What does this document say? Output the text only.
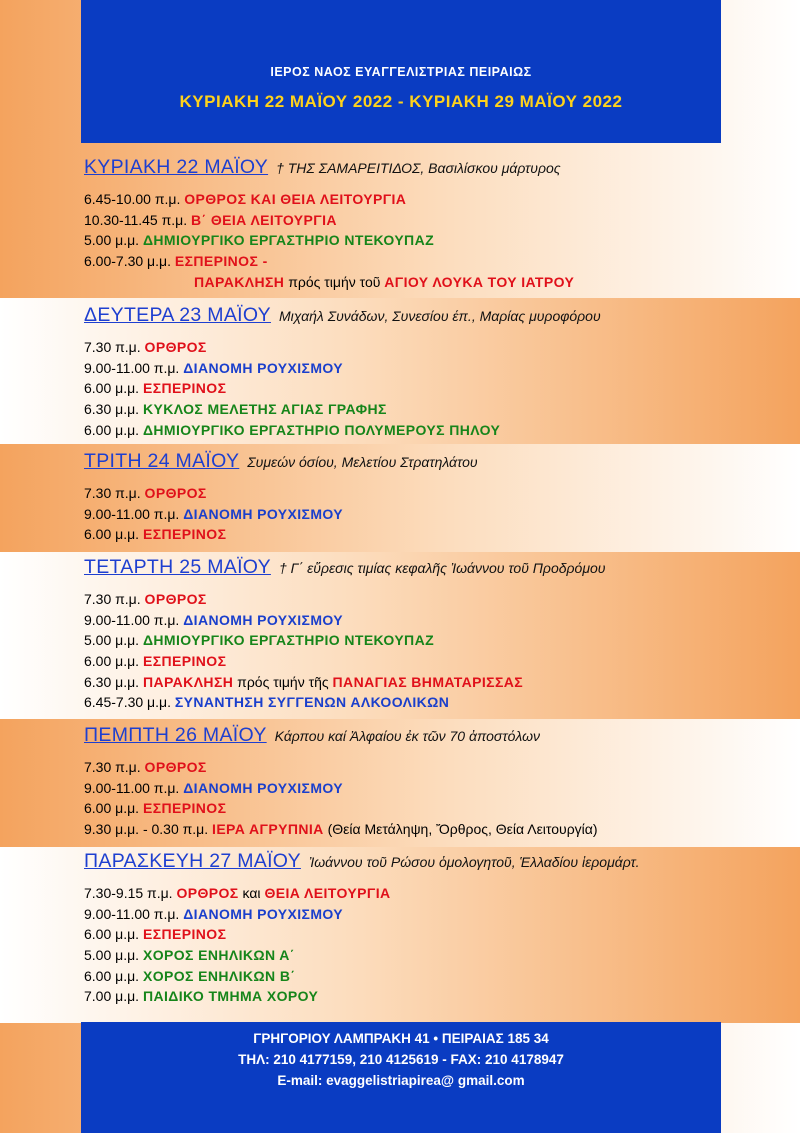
ΙΕΡΟΣ ΝΑΟΣ ΕΥΑΓΓΕΛΙΣΤΡΙΑΣ ΠΕΙΡΑΙΩΣ
ΚΥΡΙΑΚΗ 22 ΜΑΪΟΥ 2022 - ΚΥΡΙΑΚΗ 29 ΜΑΪΟΥ 2022
ΚΥΡΙΑΚΗ 22 ΜΑΪΟΥ † ΤΗΣ ΣΑΜΑΡΕΙΤΙΔΟΣ, Βασιλίσκου μάρτυρος
6.45-10.00 π.μ. ΟΡΘΡΟΣ ΚΑΙ ΘΕΙΑ ΛΕΙΤΟΥΡΓΙΑ
10.30-11.45 π.μ. Β΄ ΘΕΙΑ ΛΕΙΤΟΥΡΓΙΑ
5.00 μ.μ. ΔΗΜΙΟΥΡΓΙΚΟ ΕΡΓΑΣΤΗΡΙΟ ΝΤΕΚΟΥΠΑΖ
6.00-7.30 μ.μ. ΕΣΠΕΡΙΝΟΣ -
ΠΑΡΑΚΛΗΣΗ πρός τιμήν τοῦ ΑΓΙΟΥ ΛΟΥΚΑ ΤΟΥ ΙΑΤΡΟΥ
ΔΕΥΤΕΡΑ 23 ΜΑΪΟΥ Μιχαήλ Συνάδων, Συνεσίου έπ., Μαρίας μυροφόρου
7.30 π.μ. ΟΡΘΡΟΣ
9.00-11.00 π.μ. ΔΙΑΝΟΜΗ ΡΟΥΧΙΣΜΟΥ
6.00 μ.μ. ΕΣΠΕΡΙΝΟΣ
6.30 μ.μ. ΚΥΚΛΟΣ ΜΕΛΕΤΗΣ ΑΓΙΑΣ ΓΡΑΦΗΣ
6.00 μ.μ. ΔΗΜΙΟΥΡΓΙΚΟ ΕΡΓΑΣΤΗΡΙΟ ΠΟΛΥΜΕΡΟΥΣ ΠΗΛΟΥ
ΤΡΙΤΗ 24 ΜΑΪΟΥ Συμεών όσίου, Μελετίου Στρατηλάτου
7.30 π.μ. ΟΡΘΡΟΣ
9.00-11.00 π.μ. ΔΙΑΝΟΜΗ ΡΟΥΧΙΣΜΟΥ
6.00 μ.μ. ΕΣΠΕΡΙΝΟΣ
ΤΕΤΑΡΤΗ 25 ΜΑΪΟΥ † Γ΄ εὕρεσις τιμίας κεφαλῆς Ἰωάννου τοῦ Προδρόμου
7.30 π.μ. ΟΡΘΡΟΣ
9.00-11.00 π.μ. ΔΙΑΝΟΜΗ ΡΟΥΧΙΣΜΟΥ
5.00 μ.μ. ΔΗΜΙΟΥΡΓΙΚΟ ΕΡΓΑΣΤΗΡΙΟ ΝΤΕΚΟΥΠΑΖ
6.00 μ.μ. ΕΣΠΕΡΙΝΟΣ
6.30 μ.μ. ΠΑΡΑΚΛΗΣΗ πρός τιμήν τῆς ΠΑΝΑΓΙΑΣ ΒΗΜΑΤΑΡΙΣΣΑΣ
6.45-7.30 μ.μ. ΣΥΝΑΝΤΗΣΗ ΣΥΓΓΕΝΩΝ ΑΛΚΟΟΛΙΚΩΝ
ΠΕΜΠΤΗ 26 ΜΑΪΟΥ Κάρπου καί Ἀλφαίου ἐκ τῶν 70 ἀποστόλων
7.30 π.μ. ΟΡΘΡΟΣ
9.00-11.00 π.μ. ΔΙΑΝΟΜΗ ΡΟΥΧΙΣΜΟΥ
6.00 μ.μ. ΕΣΠΕΡΙΝΟΣ
9.30 μ.μ. - 0.30 π.μ. ΙΕΡΑ ΑΓΡΥΠΝΙΑ (Θεία Μετάληψη, Ὄρθρος, Θεία Λειτουργία)
ΠΑΡΑΣΚΕΥΗ 27 ΜΑΪΟΥ Ἰωάννου τοῦ Ρώσου ὁμολογητοῦ, Ἑλλαδίου ἱερομάρτ.
7.30-9.15 π.μ. ΟΡΘΡΟΣ και ΘΕΙΑ ΛΕΙΤΟΥΡΓΙΑ
9.00-11.00 π.μ. ΔΙΑΝΟΜΗ ΡΟΥΧΙΣΜΟΥ
6.00 μ.μ. ΕΣΠΕΡΙΝΟΣ
5.00 μ.μ. ΧΟΡΟΣ ΕΝΗΛΙΚΩΝ Α΄
6.00 μ.μ. ΧΟΡΟΣ ΕΝΗΛΙΚΩΝ Β΄
7.00 μ.μ. ΠΑΙΔΙΚΟ ΤΜΗΜΑ ΧΟΡΟΥ
ΓΡΗΓΟΡΙΟΥ ΛΑΜΠΡΑΚΗ 41 • ΠΕΙΡΑΙΑΣ 185 34
ΤΗΛ: 210 4177159, 210 4125619 - FAX: 210 4178947
E-mail: evaggelistriapirea@ gmail.com
